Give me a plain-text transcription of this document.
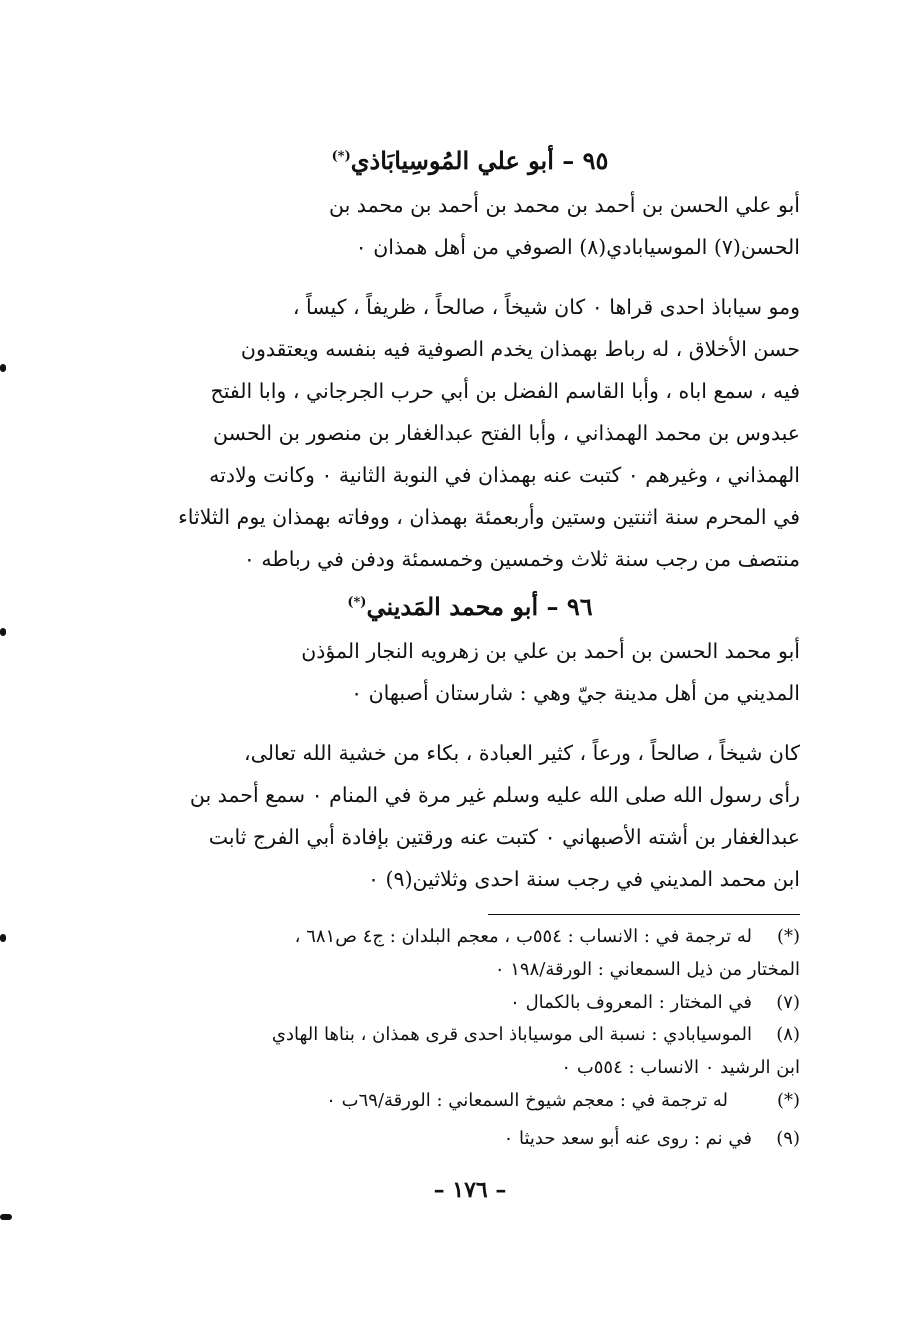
٩٥ – أبو علي المُوسِيابَاذي(*)

أبو علي الحسن بن أحمد بن محمد بن أحمد بن محمد بن

الحسن(٧) الموسيابادي(٨) الصوفي من أهل همذان ٠

ومو سياباذ احدى قراها ٠ كان شيخاً ، صالحاً ، ظريفاً ، كيساً ،

حسن الأخلاق ، له رباط بهمذان يخدم الصوفية فيه بنفسه ويعتقدون

فيه ، سمع اباه ، وأبا القاسم الفضل بن أبي حرب الجرجاني ، وابا الفتح

عبدوس بن محمد الهمذاني ، وأبا الفتح عبدالغفار بن منصور بن الحسن

الهمذاني ، وغيرهم ٠ كتبت عنه بهمذان في النوبة الثانية ٠ وكانت ولادته

في المحرم سنة اثنتين وستين وأربعمئة بهمذان ، ووفاته بهمذان يوم الثلاثاء

منتصف من رجب سنة ثلاث وخمسين وخمسمئة ودفن في رباطه ٠

٩٦ – أبو محمد المَديني(*)

أبو محمد الحسن بن أحمد بن علي بن زهرويه النجار المؤذن

المديني من أهل مدينة جيّ وهي : شارستان أصبهان ٠

كان شيخاً ، صالحاً ، ورعاً ، كثير العبادة ، بكاء من خشية الله تعالى،

رأى رسول الله صلى الله عليه وسلم غير مرة في المنام ٠ سمع أحمد بن

عبدالغفار بن أشته الأصبهاني ٠ كتبت عنه ورقتين بإفادة أبي الفرج ثابت

ابن محمد المديني في رجب سنة احدى وثلاثين(٩) ٠

(*)
له ترجمة في : الانساب : ٥٥٤ب ، معجم البلدان : ج٤ ص٦٨١ ،

المختار من ذيل السمعاني : الورقة/١٩٨ ٠

(٧)
في المختار : المعروف بالكمال ٠
(٨)
الموسيابادي : نسبة الى موسياباذ احدى قرى همذان ، بناها الهادي

ابن الرشيد ٠ الانساب : ٥٥٤ب ٠

(*)
له ترجمة في : معجم شيوخ السمعاني : الورقة/٦٩ب ٠
(٩)
في نم : روى عنه أبو سعد حديثا ٠
– ١٧٦ –
